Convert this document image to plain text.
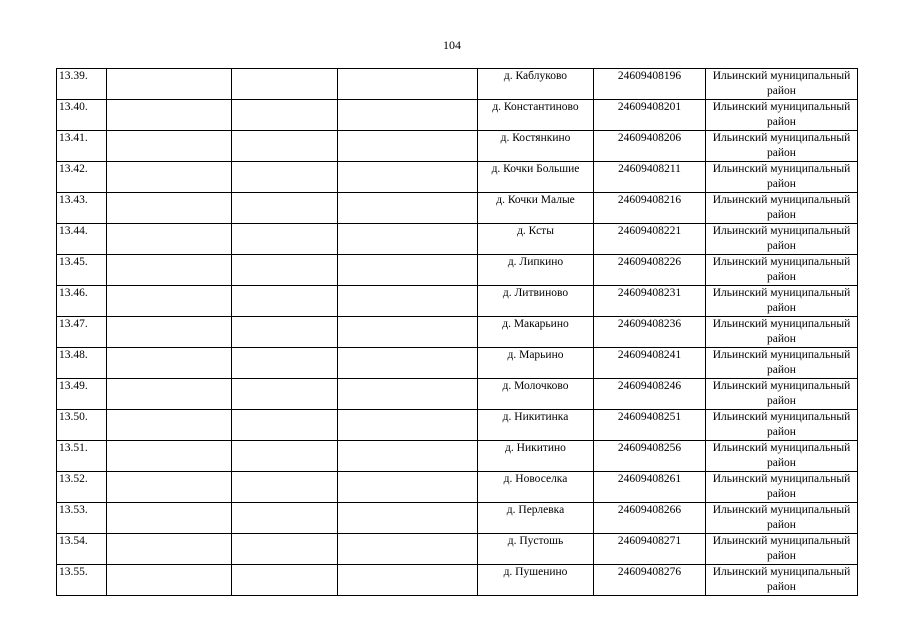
104
13.39.				д. Каблуково	24609408196	Ильинский муниципальный район
13.40.				д. Константиново	24609408201	Ильинский муниципальный район
13.41.				д. Костянкино	24609408206	Ильинский муниципальный район
13.42.				д. Кочки Большие	24609408211	Ильинский муниципальный район
13.43.				д. Кочки Малые	24609408216	Ильинский муниципальный район
13.44.				д. Ксты	24609408221	Ильинский муниципальный район
13.45.				д. Липкино	24609408226	Ильинский муниципальный район
13.46.				д. Литвиново	24609408231	Ильинский муниципальный район
13.47.				д. Макарьино	24609408236	Ильинский муниципальный район
13.48.				д. Марьино	24609408241	Ильинский муниципальный район
13.49.				д. Молочково	24609408246	Ильинский муниципальный район
13.50.				д. Никитинка	24609408251	Ильинский муниципальный район
13.51.				д. Никитино	24609408256	Ильинский муниципальный район
13.52.				д. Новоселка	24609408261	Ильинский муниципальный район
13.53.				д. Перлевка	24609408266	Ильинский муниципальный район
13.54.				д. Пустошь	24609408271	Ильинский муниципальный район
13.55.				д. Пушенино	24609408276	Ильинский муниципальный район
